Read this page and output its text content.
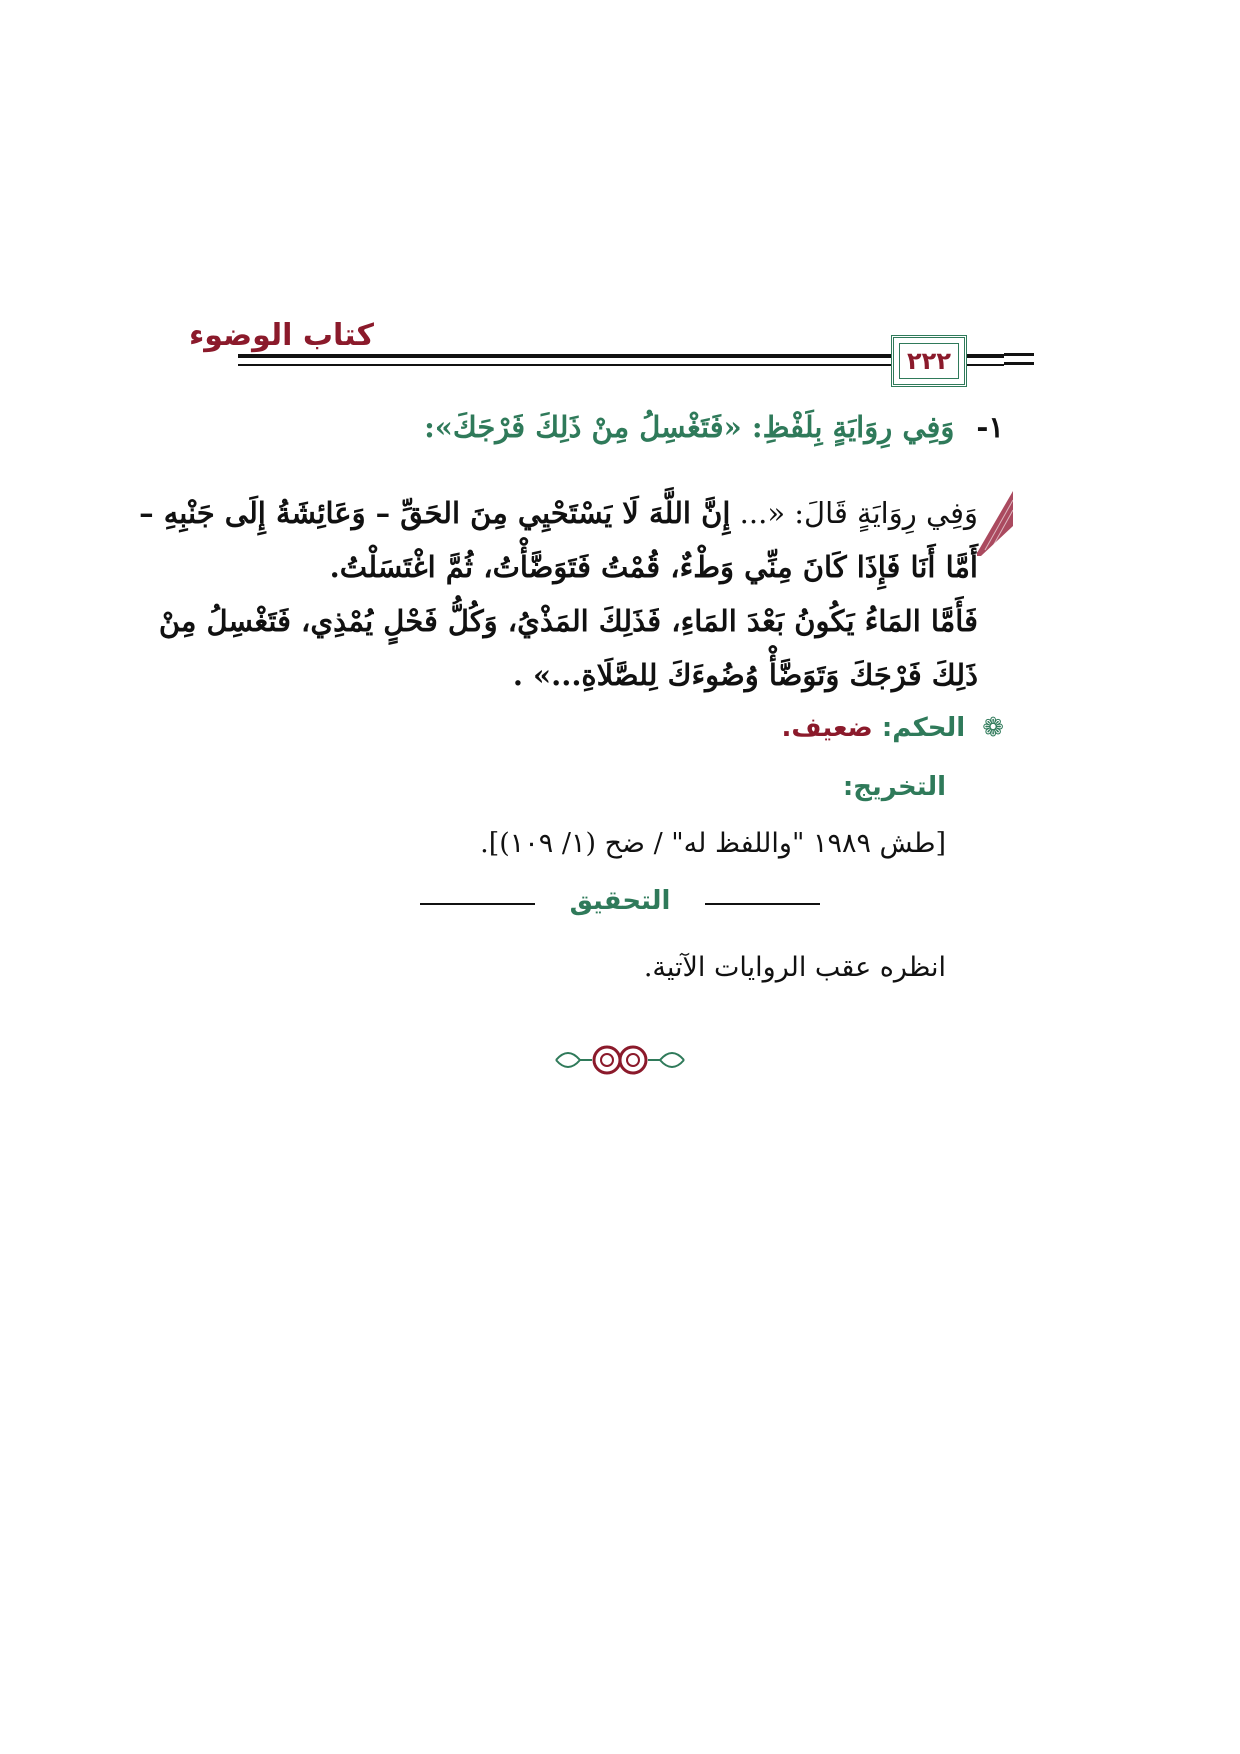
كتاب الوضوء
٢٢٢
١-وَفِي رِوَايَةٍ بِلَفْظِ: «فَتَغْسِلُ مِنْ ذَلِكَ فَرْجَكَ»:
وَفِي رِوَايَةٍ قَالَ: «... إِنَّ اللَّهَ لَا يَسْتَحْيِي مِنَ الحَقِّ – وَعَائِشَةُ إِلَى جَنْبِهِ –
أَمَّا أَنَا فَإِذَا كَانَ مِنِّي وَطْءٌ، قُمْتُ فَتَوَضَّأْتُ، ثُمَّ اغْتَسَلْتُ.
فَأَمَّا المَاءُ يَكُونُ بَعْدَ المَاءِ، فَذَلِكَ المَذْيُ، وَكُلُّ فَحْلٍ يُمْذِي، فَتَغْسِلُ مِنْ
ذَلِكَ فَرْجَكَ وَتَوَضَّأْ وُضُوءَكَ لِلصَّلَاةِ...» .
❁ الحكم: ضعيف.
التخريج:
[طش ١٩٨٩ "واللفظ له" / ضح (١/ ١٠٩)].
التحقيق
انظره عقب الروايات الآتية.
